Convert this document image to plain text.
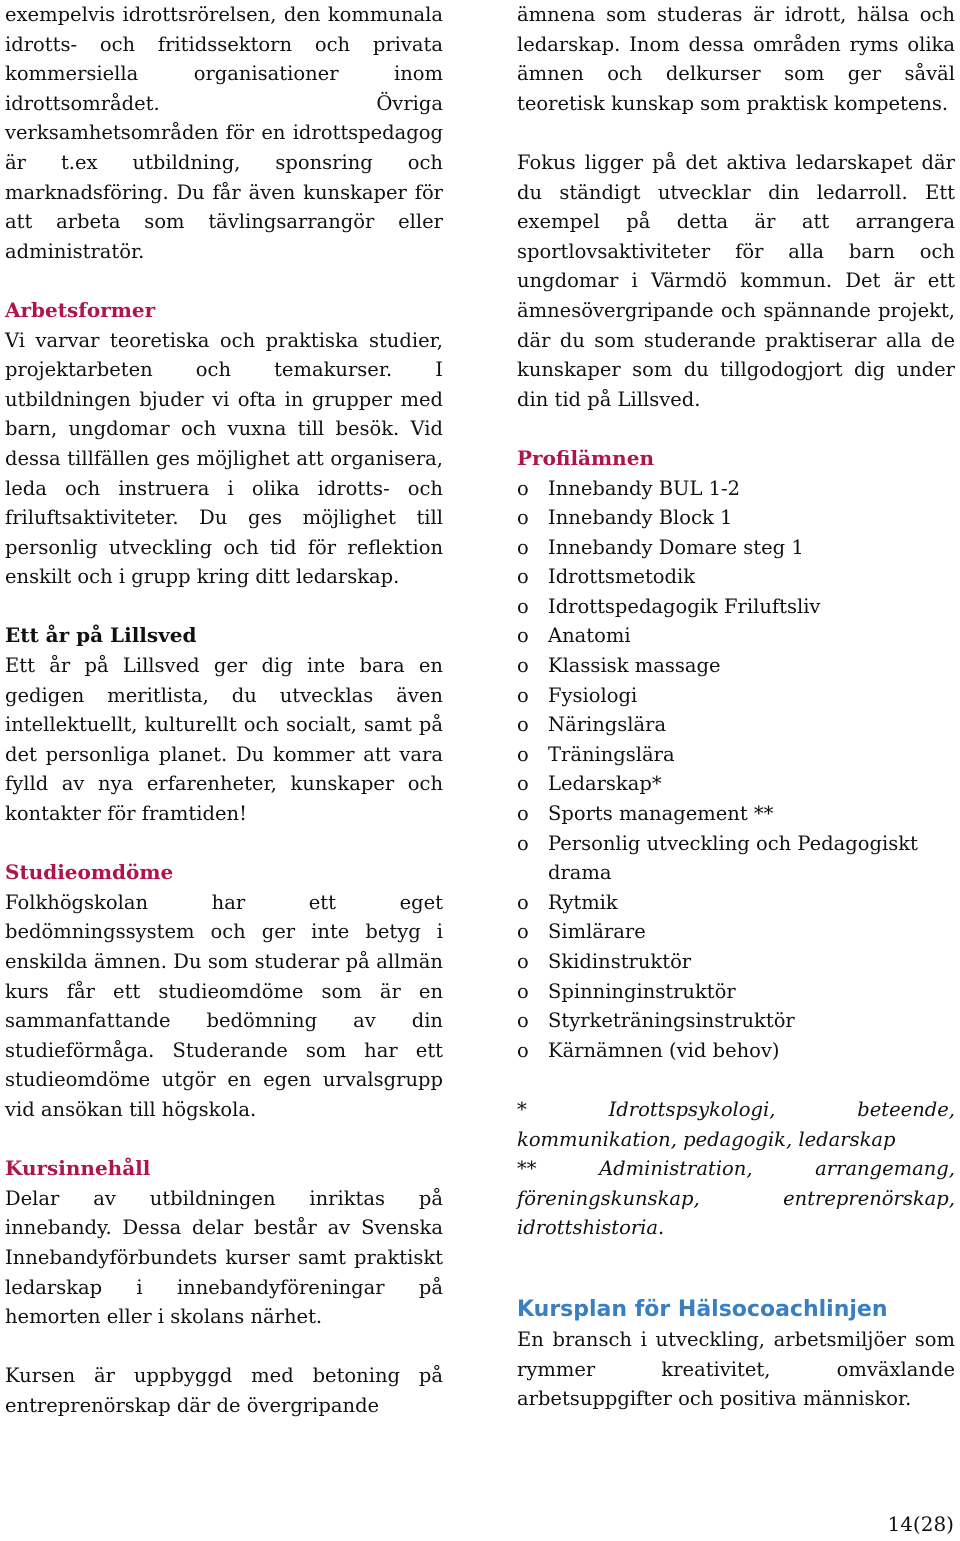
exempelvis idrottsrörelsen, den kommunala idrotts- och fritidssektorn och privata kommersiella organisationer inom idrottsområdet. Övriga verksamhetsområden för en idrottspedagog är t.ex utbildning, sponsring och marknadsföring. Du får även kunskaper för att arbeta som tävlingsarrangör eller administratör.

Arbetsformer

Vi varvar teoretiska och praktiska studier, projektarbeten och temakurser. I utbildningen bjuder vi ofta in grupper med barn, ungdomar och vuxna till besök. Vid dessa tillfällen ges möjlighet att organisera, leda och instruera i olika idrotts- och friluftsaktiviteter. Du ges möjlighet till personlig utveckling och tid för reflektion enskilt och i grupp kring ditt ledarskap.

Ett år på Lillsved

Ett år på Lillsved ger dig inte bara en gedigen meritlista, du utvecklas även intellektuellt, kulturellt och socialt, samt på det personliga planet. Du kommer att vara fylld av nya erfarenheter, kunskaper och kontakter för framtiden!

Studieomdöme

Folkhögskolan har ett eget bedömningssystem och ger inte betyg i enskilda ämnen. Du som studerar på allmän kurs får ett studieomdöme som är en sammanfattande bedömning av din studieförmåga. Studerande som har ett studieomdöme utgör en egen urvalsgrupp vid ansökan till högskola.

Kursinnehåll

Delar av utbildningen inriktas på innebandy. Dessa delar består av Svenska Innebandyförbundets kurser samt praktiskt ledarskap i innebandyföreningar på hemorten eller i skolans närhet.

Kursen är uppbyggd med betoning på entreprenörskap där de övergripande

ämnena som studeras är idrott, hälsa och ledarskap. Inom dessa områden ryms olika ämnen och delkurser som ger såväl teoretisk kunskap som praktisk kompetens.

Fokus ligger på det aktiva ledarskapet där du ständigt utvecklar din ledarroll. Ett exempel på detta är att arrangera sportlovsaktiviteter för alla barn och ungdomar i Värmdö kommun. Det är ett ämnesövergripande och spännande projekt, där du som studerande praktiserar alla de kunskaper som du tillgodogjort dig under din tid på Lillsved.

Profilämnen
o Innebandy BUL 1-2
o Innebandy Block 1
o Innebandy Domare steg 1
o Idrottsmetodik
o Idrottspedagogik Friluftsliv
o Anatomi
o Klassisk massage
o Fysiologi
o Näringslära
o Träningslära
o Ledarskap*
o Sports management **
o Personlig utveckling och Pedagogiskt drama
o Rytmik
o Simlärare
o Skidinstruktör
o Spinninginstruktör
o Styrketräningsinstruktör
o Kärnämnen (vid behov)

* Idrottspsykologi, beteende, kommunikation, pedagogik, ledarskap

** Administration, arrangemang, föreningskunskap, entreprenörskap, idrottshistoria.

Kursplan för Hälsocoachlinjen

En bransch i utveckling, arbetsmiljöer som rymmer kreativitet, omväxlande arbetsuppgifter och positiva människor.

14(28)
